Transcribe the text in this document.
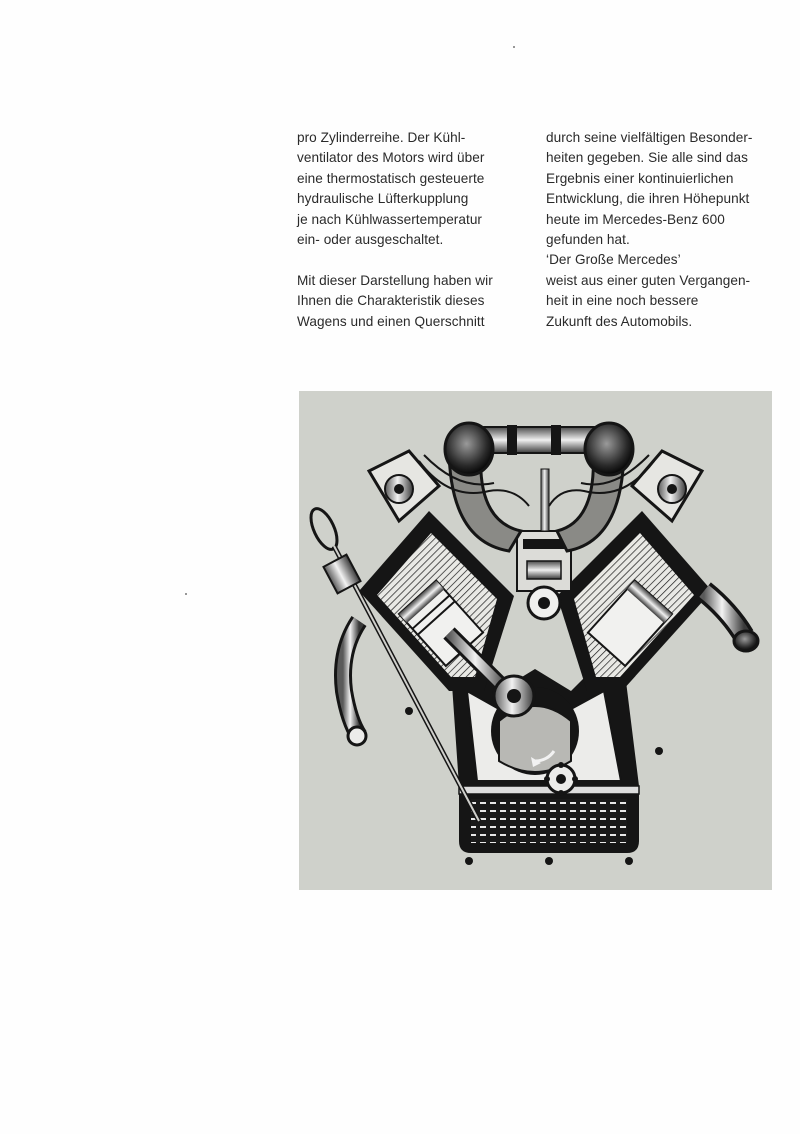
pro Zylinderreihe. Der Kühl-
ventilator des Motors wird über
eine thermostatisch gesteuerte
hydraulische Lüfterkupplung
je nach Kühlwassertemperatur
ein- oder ausgeschaltet.

Mit dieser Darstellung haben wir
Ihnen die Charakteristik dieses
Wagens und einen Querschnitt

durch seine vielfältigen Besonder-
heiten gegeben. Sie alle sind das
Ergebnis einer kontinuierlichen
Entwicklung, die ihren Höhepunkt
heute im Mercedes-Benz 600
gefunden hat.
‘Der Große Mercedes’
weist aus einer guten Vergangen-
heit in eine noch bessere
Zukunft des Automobils.
